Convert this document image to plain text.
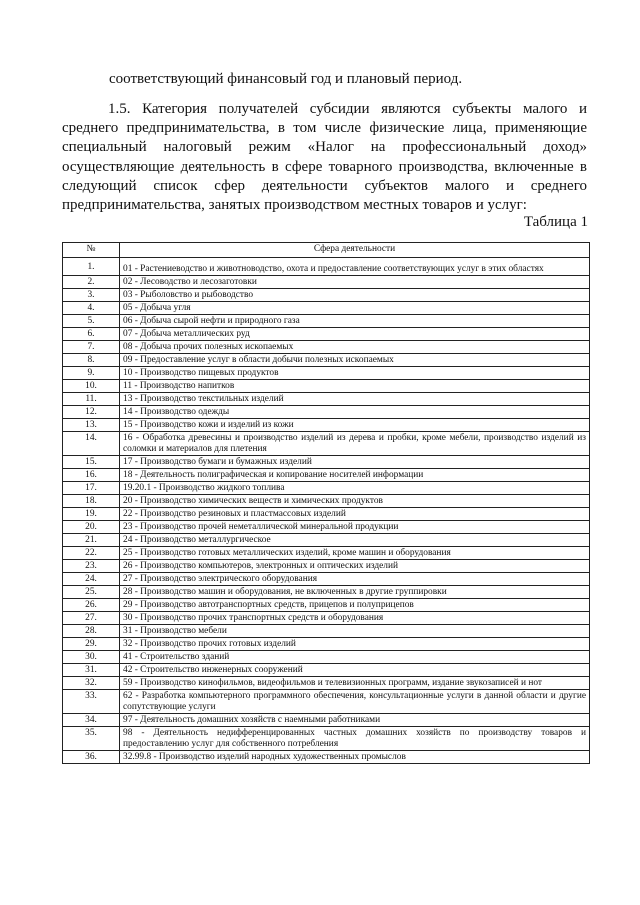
соответствующий финансовый год и плановый период.
1.5. Категория получателей субсидии являются субъекты малого и среднего предпринимательства, в том числе физические лица, применяющие специальный налоговый режим «Налог на профессиональный доход» осуществляющие деятельность в сфере товарного производства, включенные в следующий список сфер деятельности субъектов малого и среднего предпринимательства, занятых производством местных товаров и услуг:
Таблица 1
№	Сфера деятельности
1.	01 - Растениеводство и животноводство, охота и предоставление соответствующих услуг в этих областях
2.	02 - Лесоводство и лесозаготовки
3.	03 - Рыболовство и рыбоводство
4.	05 - Добыча угля
5.	06 - Добыча сырой нефти и природного газа
6.	07 - Добыча металлических руд
7.	08 - Добыча прочих полезных ископаемых
8.	09 - Предоставление услуг в области добычи полезных ископаемых
9.	10 - Производство пищевых продуктов
10.	11 - Производство напитков
11.	13 - Производство текстильных изделий
12.	14 - Производство одежды
13.	15 - Производство кожи и изделий из кожи
14.	16 - Обработка древесины и производство изделий из дерева и пробки, кроме мебели, производство изделий из соломки и материалов для плетения
15.	17 - Производство бумаги и бумажных изделий
16.	18 - Деятельность полиграфическая и копирование носителей информации
17.	19.20.1 - Производство жидкого топлива
18.	20 - Производство химических веществ и химических продуктов
19.	22 - Производство резиновых и пластмассовых изделий
20.	23 - Производство прочей неметаллической минеральной продукции
21.	24 - Производство металлургическое
22.	25 - Производство готовых металлических изделий, кроме машин и оборудования
23.	26 - Производство компьютеров, электронных и оптических изделий
24.	27 - Производство электрического оборудования
25.	28 - Производство машин и оборудования, не включенных в другие группировки
26.	29 - Производство автотранспортных средств, прицепов и полуприцепов
27.	30 - Производство прочих транспортных средств и оборудования
28.	31 - Производство мебели
29.	32 - Производство прочих готовых изделий
30.	41 - Строительство зданий
31.	42 - Строительство инженерных сооружений
32.	59 - Производство кинофильмов, видеофильмов и телевизионных программ, издание звукозаписей и нот
33.	62 - Разработка компьютерного программного обеспечения, консультационные услуги в данной области и другие сопутствующие услуги
34.	97 - Деятельность домашних хозяйств с наемными работниками
35.	98 - Деятельность недифференцированных частных домашних хозяйств по производству товаров и предоставлению услуг для собственного потребления
36.	32.99.8 - Производство изделий народных художественных промыслов
